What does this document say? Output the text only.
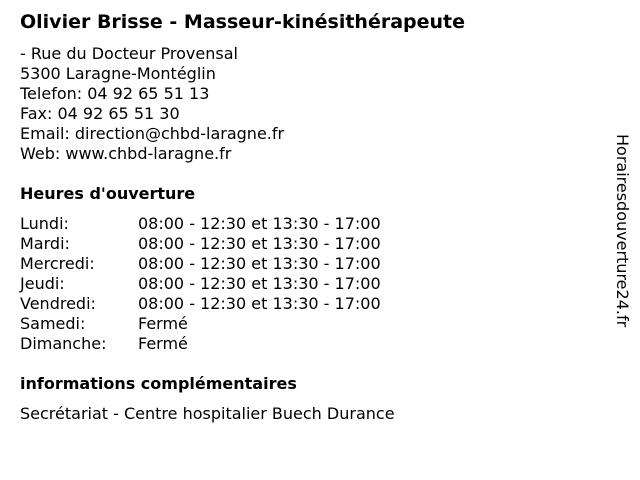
Olivier Brisse - Masseur-kinésithérapeute
- Rue du Docteur Provensal
5300 Laragne-Montéglin
Telefon: 04 92 65 51 13
Fax: 04 92 65 51 30
Email: direction@chbd-laragne.fr
Web: www.chbd-laragne.fr
Heures d'ouverture
Lundi:	08:00 - 12:30 et 13:30 - 17:00
Mardi:	08:00 - 12:30 et 13:30 - 17:00
Mercredi:	08:00 - 12:30 et 13:30 - 17:00
Jeudi:	08:00 - 12:30 et 13:30 - 17:00
Vendredi:	08:00 - 12:30 et 13:30 - 17:00
Samedi:	Fermé
Dimanche:	Fermé
informations complémentaires
Secrétariat - Centre hospitalier Buech Durance
Horairesdouverture24.fr
